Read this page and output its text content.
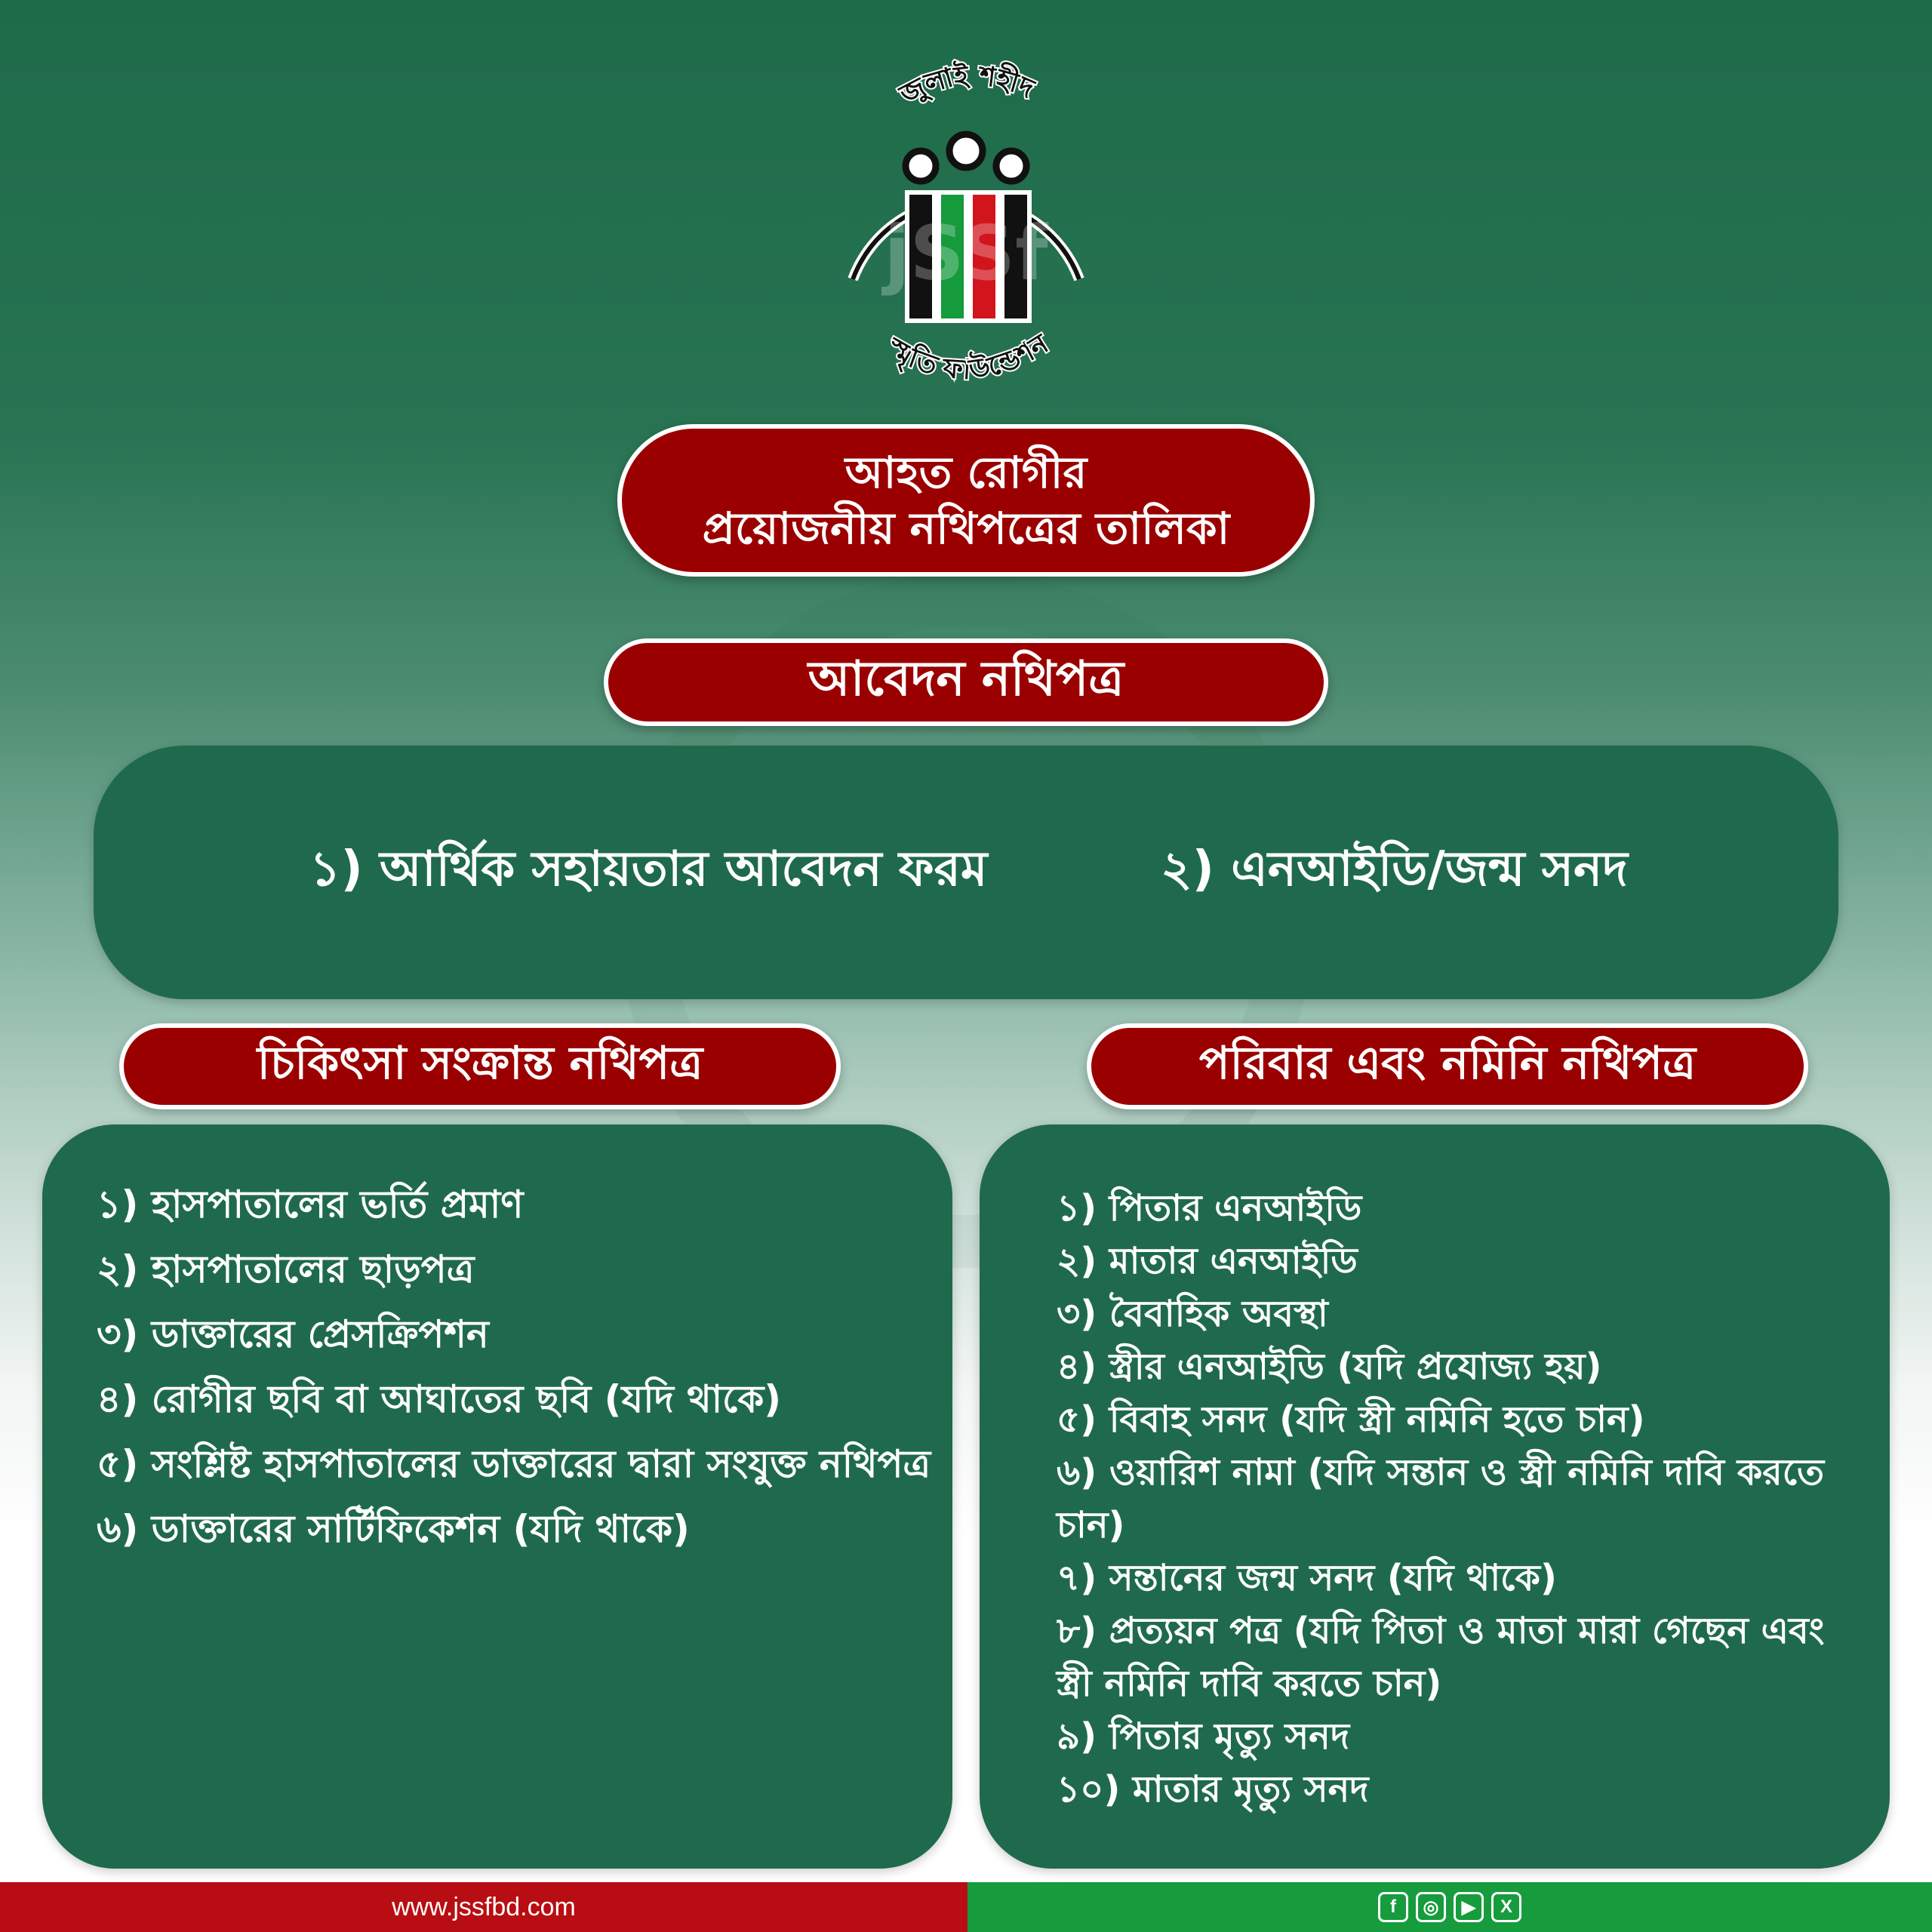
জুলাই শহীদ
jSSf
স্মৃতি ফাউন্ডেশন
আহত রোগীর
প্রয়োজনীয় নথিপত্রের তালিকা
আবেদন নথিপত্র
১) আর্থিক সহায়তার আবেদন ফরম	২) এনআইডি/জন্ম সনদ
চিকিৎসা সংক্রান্ত নথিপত্র
১) হাসপাতালের ভর্তি প্রমাণ
২) হাসপাতালের ছাড়পত্র
৩) ডাক্তারের প্রেসক্রিপশন
৪) রোগীর ছবি বা আঘাতের ছবি (যদি থাকে)
৫) সংশ্লিষ্ট হাসপাতালের ডাক্তারের দ্বারা সংযুক্ত নথিপত্র
৬) ডাক্তারের সার্টিফিকেশন (যদি থাকে)
পরিবার এবং নমিনি নথিপত্র
১) পিতার এনআইডি
২) মাতার এনআইডি
৩) বৈবাহিক অবস্থা
৪) স্ত্রীর এনআইডি (যদি প্রযোজ্য হয়)
৫) বিবাহ সনদ (যদি স্ত্রী নমিনি হতে চান)
৬) ওয়ারিশ নামা (যদি সন্তান ও স্ত্রী নমিনি দাবি করতে চান)
৭) সন্তানের জন্ম সনদ (যদি থাকে)
৮) প্রত্যয়ন পত্র (যদি পিতা ও মাতা মারা গেছেন এবং স্ত্রী নমিনি দাবি করতে চান)
৯) পিতার মৃত্যু সনদ
১০) মাতার মৃত্যু সনদ
www.jssfbd.com	f	◎	▶	X
